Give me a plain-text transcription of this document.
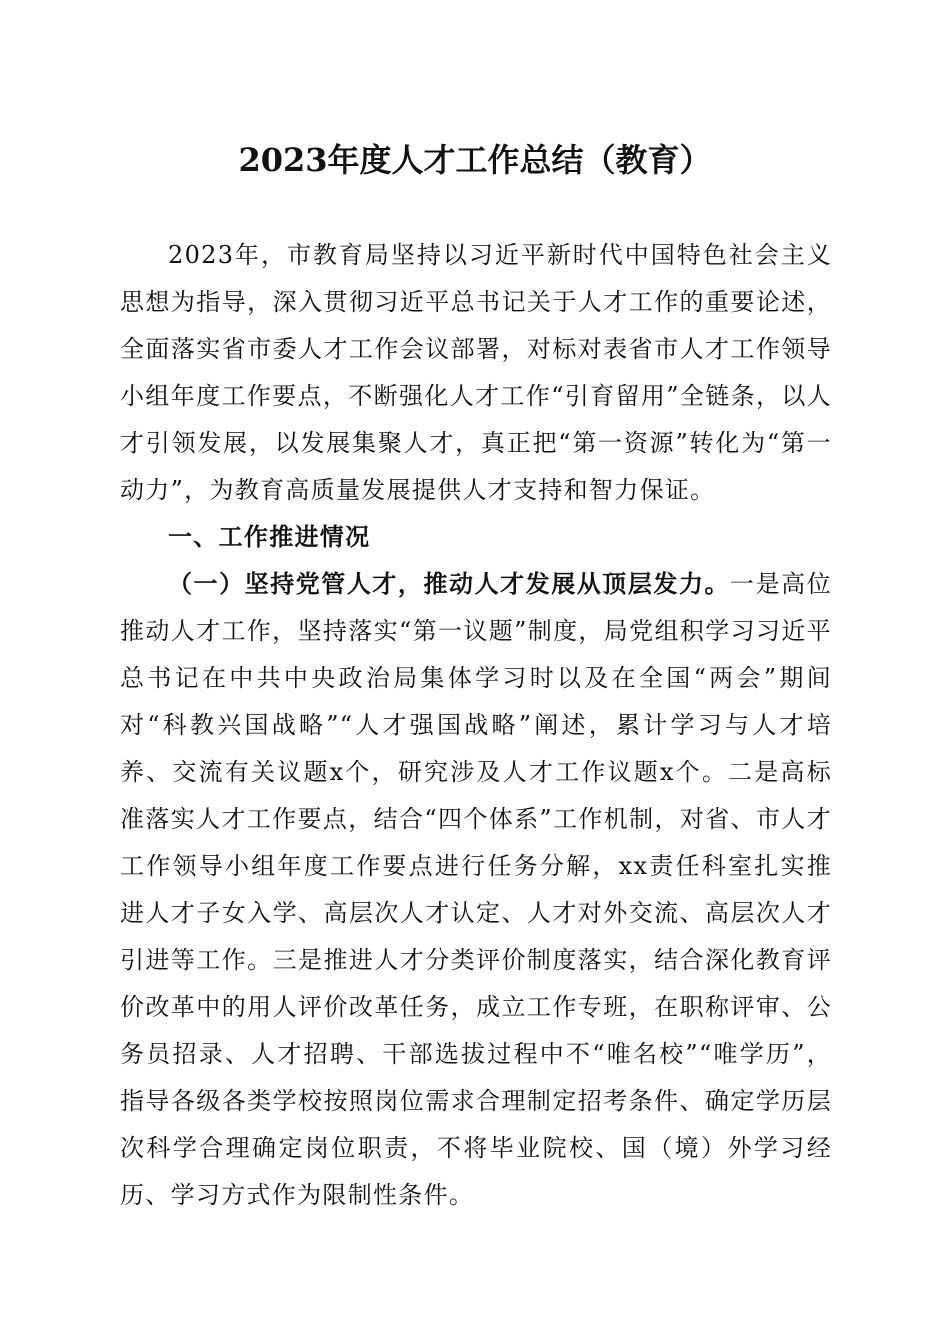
2023年度人才工作总结（教育）

2023年，市教育局坚持以习近平新时代中国特色社会主义思想为指导，深入贯彻习近平总书记关于人才工作的重要论述，全面落实省市委人才工作会议部署，对标对表省市人才工作领导小组年度工作要点，不断强化人才工作“引育留用”全链条，以人才引领发展，以发展集聚人才，真正把“第一资源”转化为“第一动力”，为教育高质量发展提供人才支持和智力保证。

一、工作推进情况

（一）坚持党管人才，推动人才发展从顶层发力。一是高位推动人才工作，坚持落实“第一议题”制度，局党组积学习习近平总书记在中共中央政治局集体学习时以及在全国“两会”期间对“科教兴国战略”“人才强国战略”阐述，累计学习与人才培养、交流有关议题x个，研究涉及人才工作议题x个。二是高标准落实人才工作要点，结合“四个体系”工作机制，对省、市人才工作领导小组年度工作要点进行任务分解，xx责任科室扎实推进人才子女入学、高层次人才认定、人才对外交流、高层次人才引进等工作。三是推进人才分类评价制度落实，结合深化教育评价改革中的用人评价改革任务，成立工作专班，在职称评审、公务员招录、人才招聘、干部选拔过程中不“唯名校”“唯学历”，指导各级各类学校按照岗位需求合理制定招考条件、确定学历层次科学合理确定岗位职责，不将毕业院校、国（境）外学习经历、学习方式作为限制性条件。
